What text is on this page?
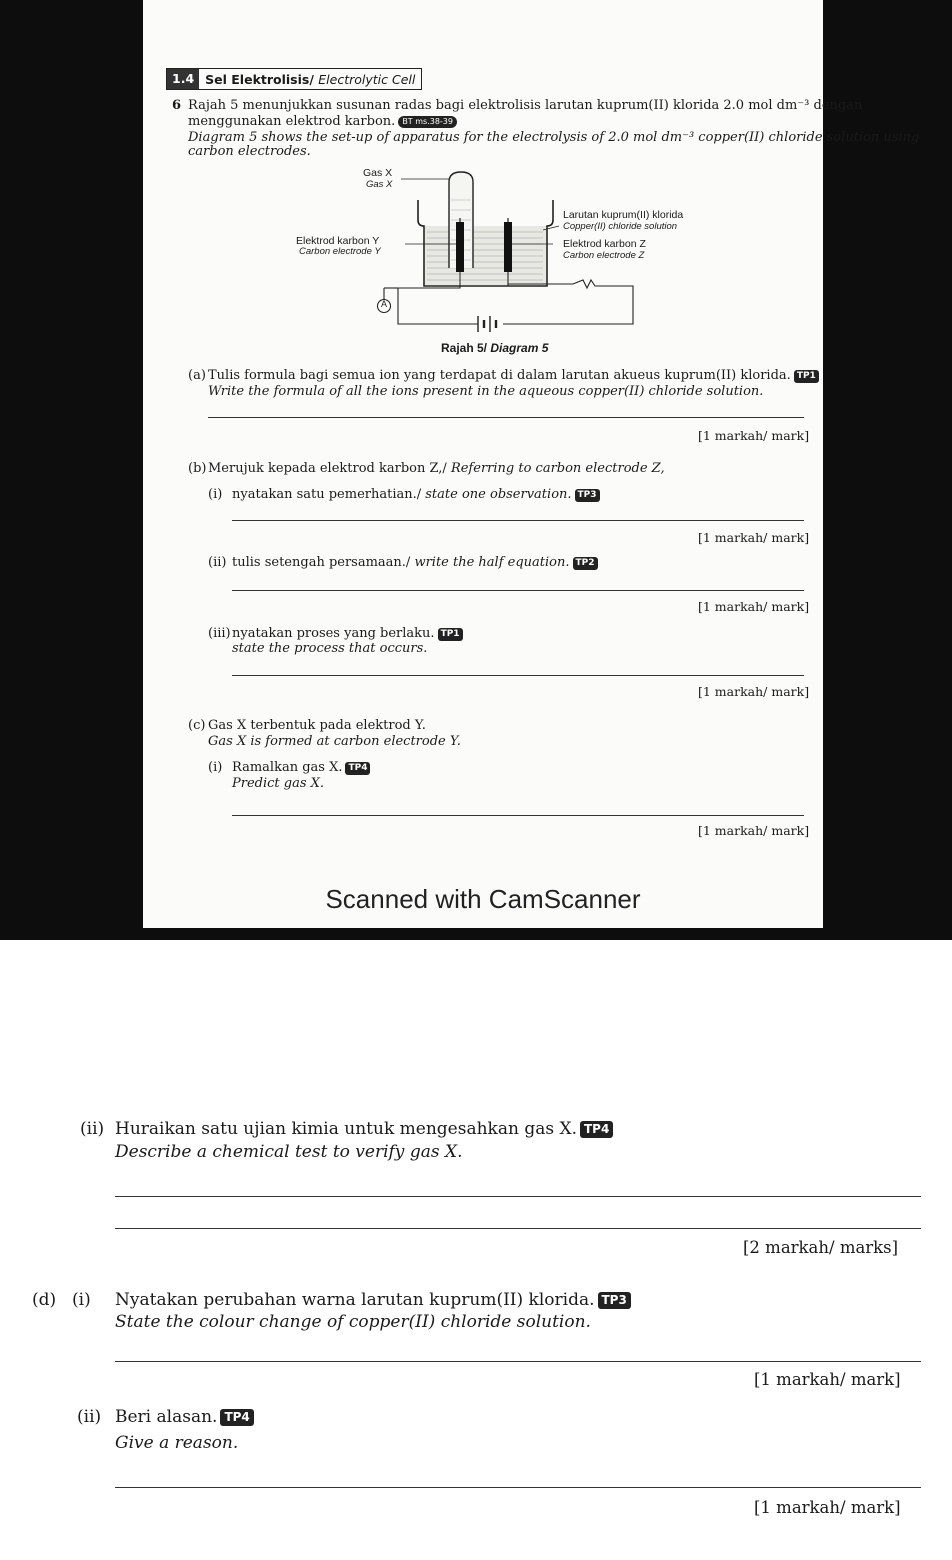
1.4 Sel Elektrolisis/ Electrolytic Cell
6 Rajah 5 menunjukkan susunan radas bagi elektrolisis larutan kuprum(II) klorida 2.0 mol dm⁻³ dengan
menggunakan elektrod karbon. BT ms.38-39
Diagram 5 shows the set-up of apparatus for the electrolysis of 2.0 mol dm⁻³ copper(II) chloride solution using
carbon electrodes.
Gas X
Gas X
Larutan kuprum(II) klorida
Copper(II) chloride solution
Elektrod karbon Y
Carbon electrode Y
Elektrod karbon Z
Carbon electrode Z
A
Rajah 5/ Diagram 5
(a) Tulis formula bagi semua ion yang terdapat di dalam larutan akueus kuprum(II) klorida. TP1
Write the formula of all the ions present in the aqueous copper(II) chloride solution.
[1 markah/ mark]
(b) Merujuk kepada elektrod karbon Z,/ Referring to carbon electrode Z,
(i) nyatakan satu pemerhatian./ state one observation. TP3
[1 markah/ mark]
(ii) tulis setengah persamaan./ write the half equation. TP2
[1 markah/ mark]
(iii) nyatakan proses yang berlaku. TP1
state the process that occurs.
[1 markah/ mark]
(c) Gas X terbentuk pada elektrod Y.
Gas X is formed at carbon electrode Y.
(i) Ramalkan gas X. TP4
Predict gas X.
[1 markah/ mark]
Scanned with CamScanner
(ii) Huraikan satu ujian kimia untuk mengesahkan gas X. TP4
Describe a chemical test to verify gas X.
[2 markah/ marks]
(d) (i) Nyatakan perubahan warna larutan kuprum(II) klorida. TP3
State the colour change of copper(II) chloride solution.
[1 markah/ mark]
(ii) Beri alasan. TP4
Give a reason.
[1 markah/ mark]
